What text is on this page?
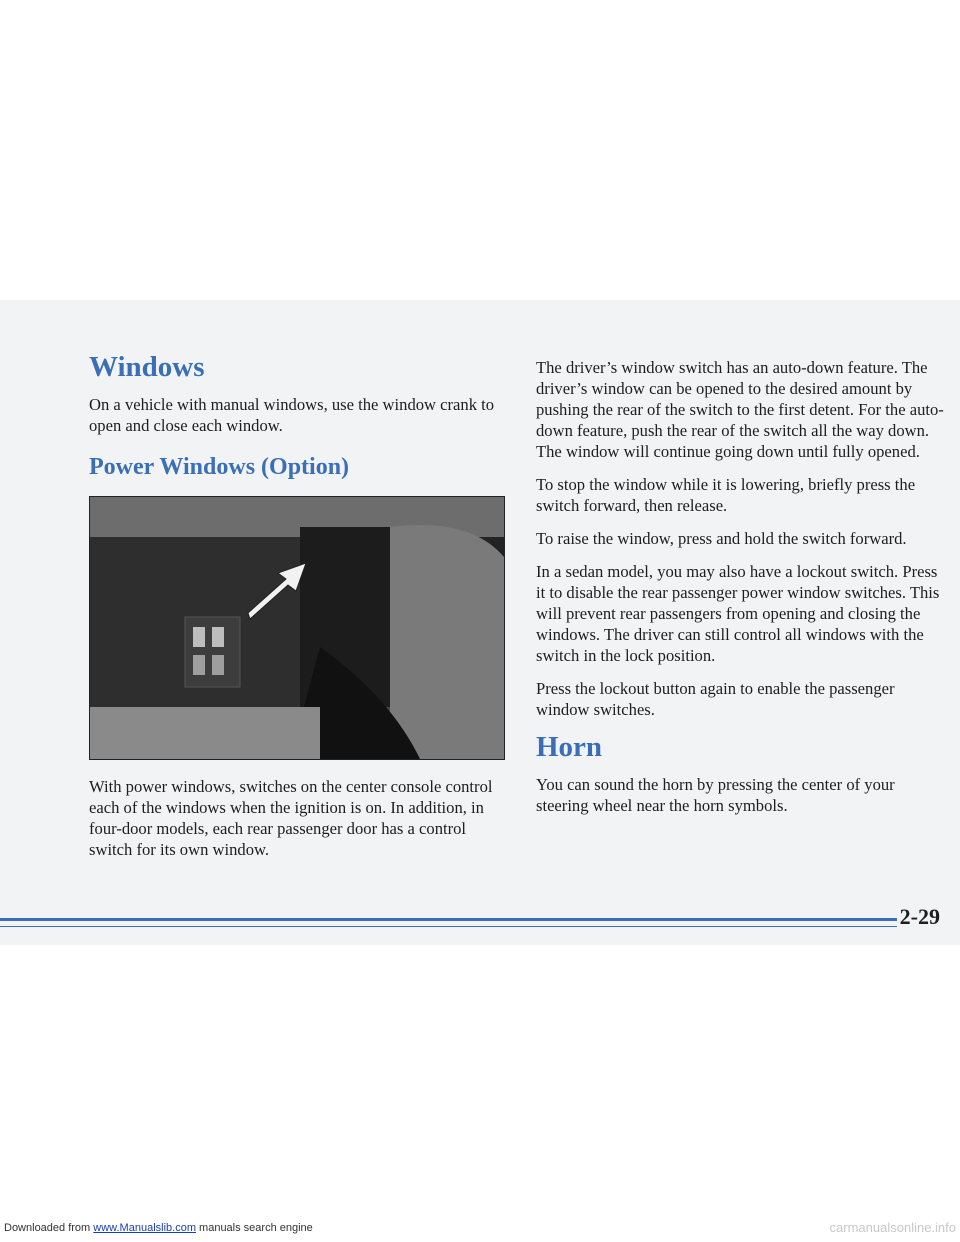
Windows

On a vehicle with manual windows, use the window crank to open and close each window.

Power Windows (Option)

With power windows, switches on the center console control each of the windows when the ignition is on. In addition, in four-door models, each rear passenger door has a control switch for its own window.

The driver’s window switch has an auto-down feature. The driver’s window can be opened to the desired amount by pushing the rear of the switch to the first detent. For the auto-down feature, push the rear of the switch all the way down. The window will continue going down until fully opened.

To stop the window while it is lowering, briefly press the switch forward, then release.

To raise the window, press and hold the switch forward.

In a sedan model, you may also have a lockout switch. Press it to disable the rear passenger power window switches. This will prevent rear passengers from opening and closing the windows. The driver can still control all windows with the switch in the lock position.

Press the lockout button again to enable the passenger window switches.

Horn

You can sound the horn by pressing the center of your steering wheel near the horn symbols.

2-29
Downloaded from www.Manualslib.com manuals search engine	carmanualsonline.info
